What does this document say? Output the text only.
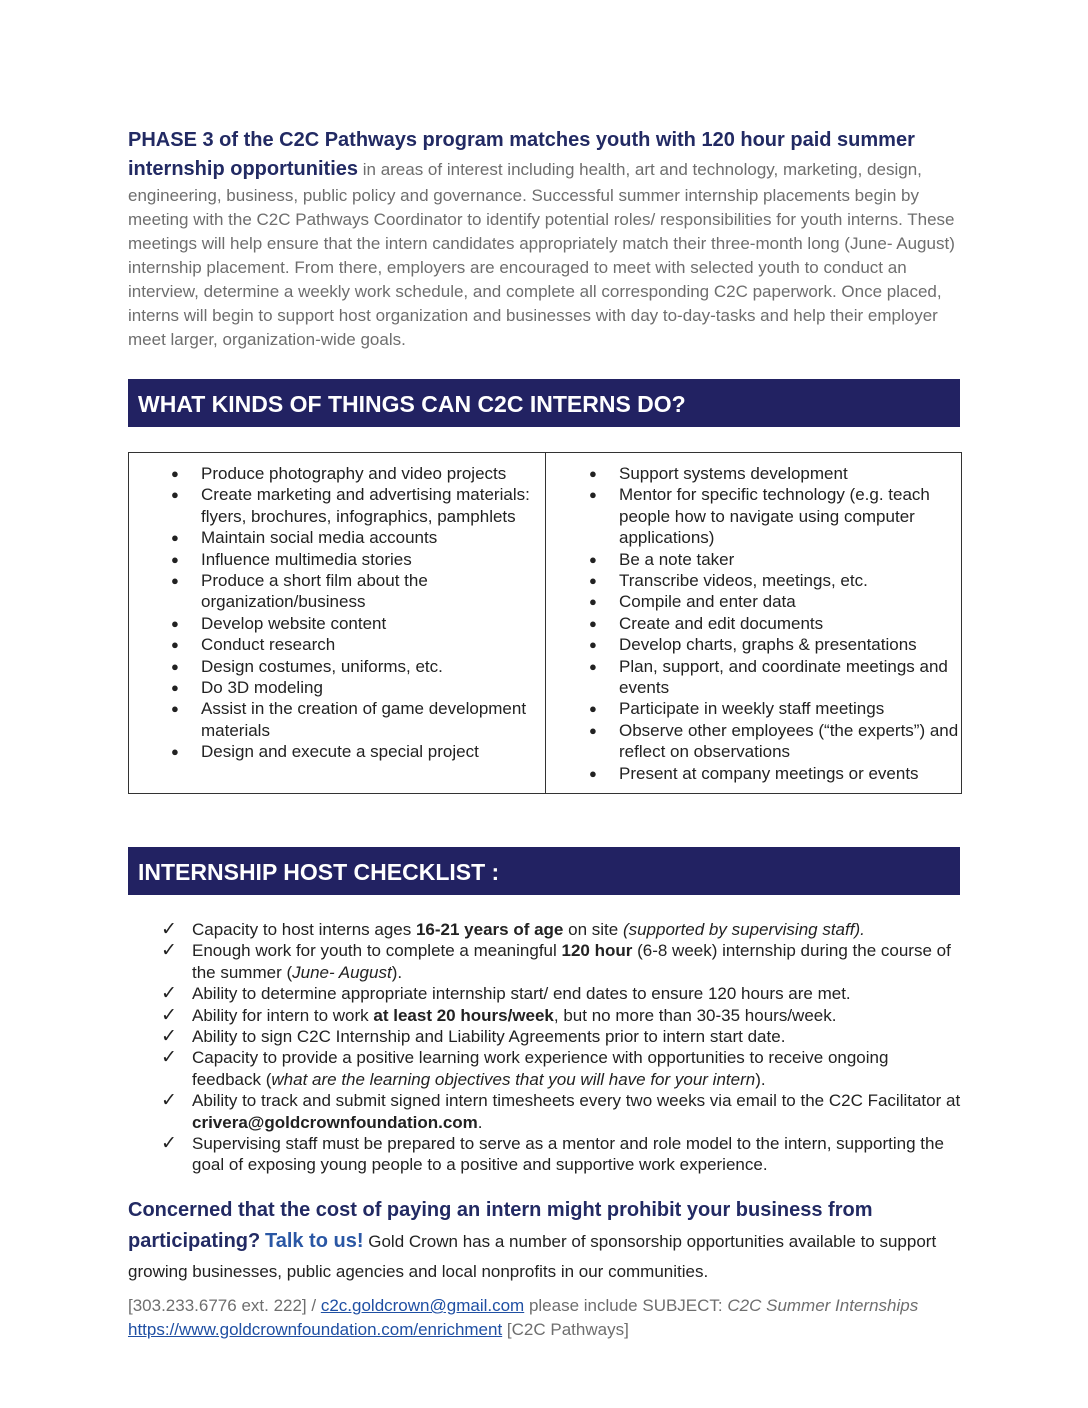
PHASE 3 of the C2C Pathways program matches youth with 120 hour paid summer internship opportunities in areas of interest including health, art and technology, marketing, design, engineering, business, public policy and governance. Successful summer internship placements begin by meeting with the C2C Pathways Coordinator to identify potential roles/ responsibilities for youth interns. These meetings will help ensure that the intern candidates appropriately match their three-month long (June- August) internship placement. From there, employers are encouraged to meet with selected youth to conduct an interview, determine a weekly work schedule, and complete all corresponding C2C paperwork. Once placed, interns will begin to support host organization and businesses with day to-day-tasks and help their employer meet larger, organization-wide goals.
WHAT KINDS OF THINGS CAN C2C INTERNS DO?
● Produce photography and video projects
● Create marketing and advertising materials: flyers, brochures, infographics, pamphlets
● Maintain social media accounts
● Influence multimedia stories
● Produce a short film about the organization/business
● Develop website content
● Conduct research
● Design costumes, uniforms, etc.
● Do 3D modeling
● Assist in the creation of game development materials
● Design and execute a special project
● Support systems development
● Mentor for specific technology (e.g. teach people how to navigate using computer applications)
● Be a note taker
● Transcribe videos, meetings, etc.
● Compile and enter data
● Create and edit documents
● Develop charts, graphs & presentations
● Plan, support, and coordinate meetings and events
● Participate in weekly staff meetings
● Observe other employees (“the experts”) and reflect on observations
● Present at company meetings or events
INTERNSHIP HOST CHECKLIST :
✓ Capacity to host interns ages 16-21 years of age on site (supported by supervising staff).
✓ Enough work for youth to complete a meaningful 120 hour (6-8 week) internship during the course of the summer (June- August).
✓ Ability to determine appropriate internship start/ end dates to ensure 120 hours are met.
✓ Ability for intern to work at least 20 hours/week, but no more than 30-35 hours/week.
✓ Ability to sign C2C Internship and Liability Agreements prior to intern start date.
✓ Capacity to provide a positive learning work experience with opportunities to receive ongoing feedback (what are the learning objectives that you will have for your intern).
✓ Ability to track and submit signed intern timesheets every two weeks via email to the C2C Facilitator at crivera@goldcrownfoundation.com.
✓ Supervising staff must be prepared to serve as a mentor and role model to the intern, supporting the goal of exposing young people to a positive and supportive work experience.
Concerned that the cost of paying an intern might prohibit your business from participating? Talk to us! Gold Crown has a number of sponsorship opportunities available to support growing businesses, public agencies and local nonprofits in our communities.
[303.233.6776 ext. 222] / c2c.goldcrown@gmail.com please include SUBJECT: C2C Summer Internships
https://www.goldcrownfoundation.com/enrichment [C2C Pathways]
